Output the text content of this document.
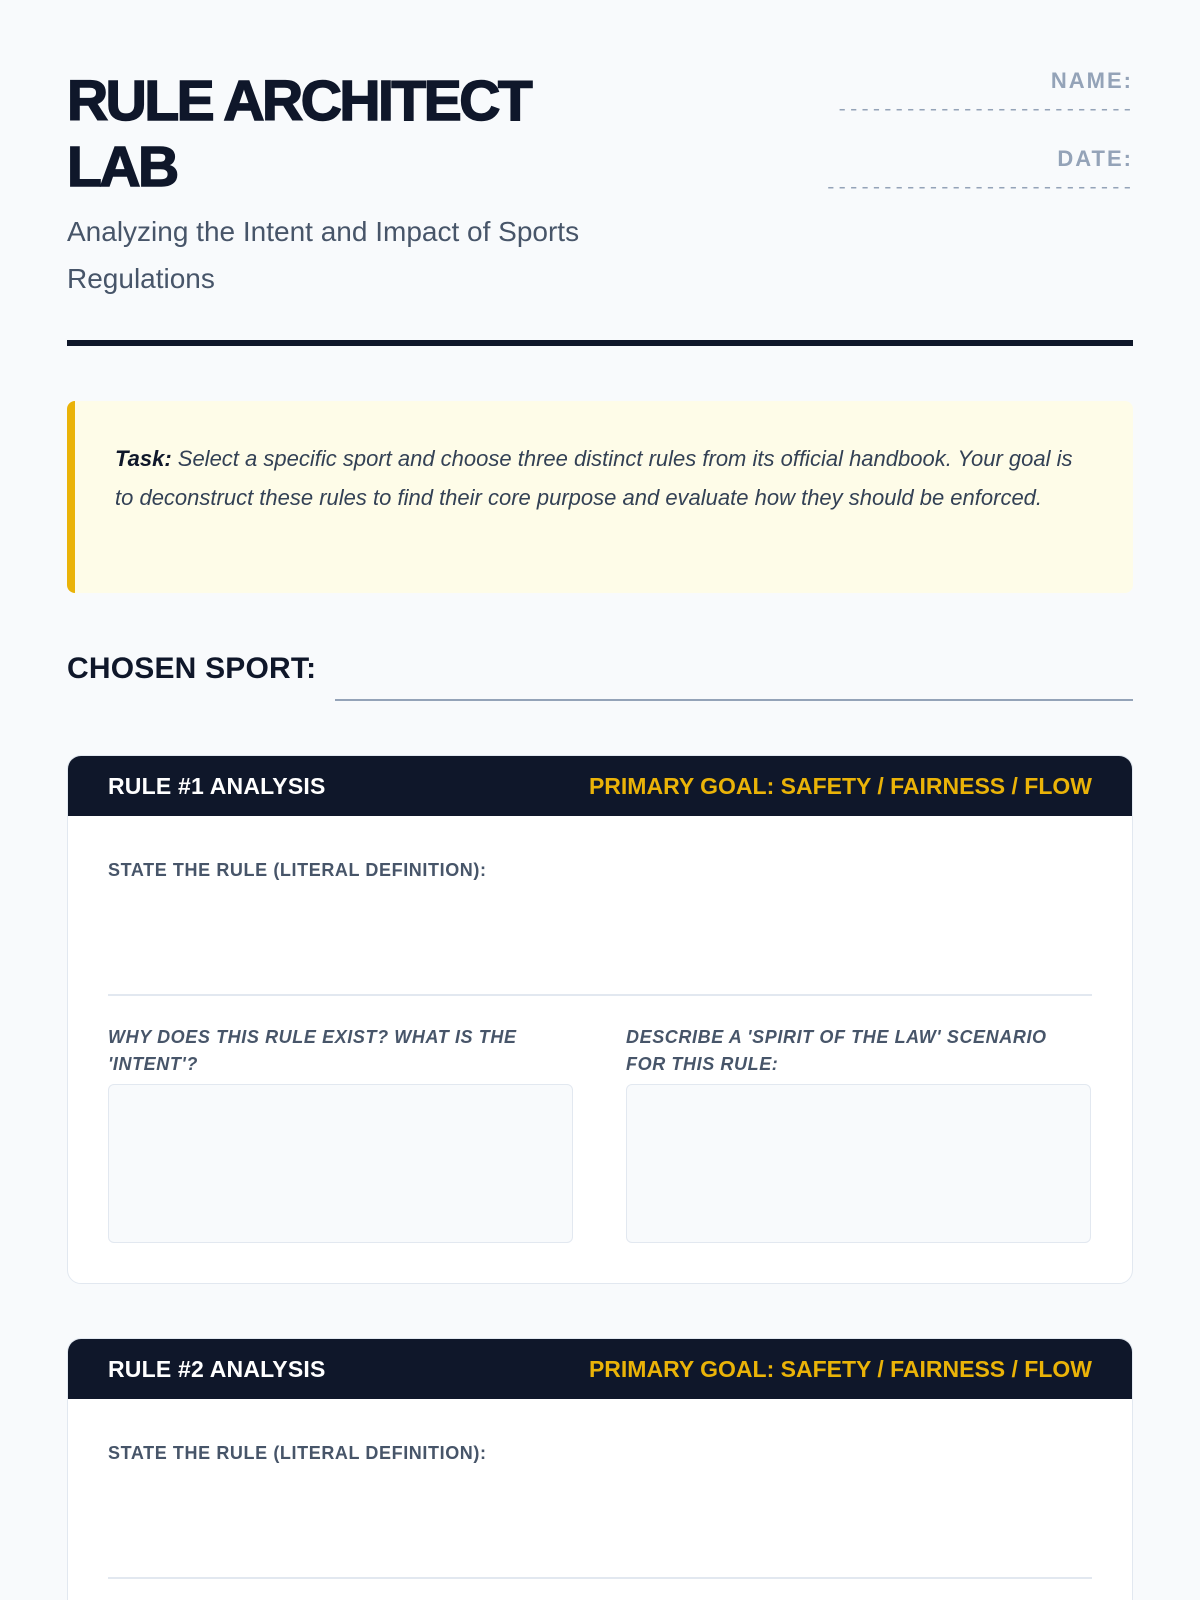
RULE ARCHITECT LAB
Analyzing the Intent and Impact of Sports Regulations
NAME:
--------------------------
DATE:
---------------------------
Task: Select a specific sport and choose three distinct rules from its official handbook. Your goal is to deconstruct these rules to find their core purpose and evaluate how they should be enforced.
CHOSEN SPORT:
RULE #1 ANALYSIS	PRIMARY GOAL: SAFETY / FAIRNESS / FLOW
STATE THE RULE (LITERAL DEFINITION):
WHY DOES THIS RULE EXIST? WHAT IS THE 'INTENT'?
DESCRIBE A 'SPIRIT OF THE LAW' SCENARIO FOR THIS RULE:
RULE #2 ANALYSIS	PRIMARY GOAL: SAFETY / FAIRNESS / FLOW
STATE THE RULE (LITERAL DEFINITION):
